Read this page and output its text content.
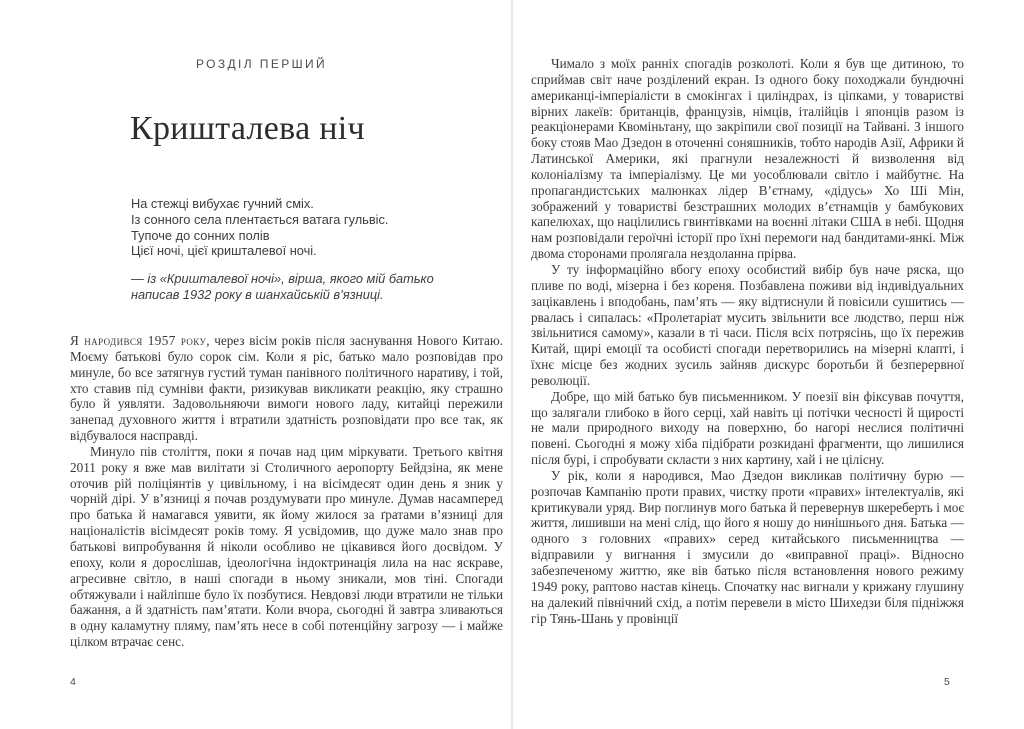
РОЗДІЛ ПЕРШИЙ
Кришталева ніч
На стежці вибухає гучний сміх.
Із сонного села плентається ватага гульвіс.
Тупоче до сонних полів
Цієї ночі, цієї кришталевої ночі.
— із «Кришталевої ночі», вірша, якого мій батько написав 1932 року в шанхайській в’язниці.

Я народився 1957 року, через вісім років після заснування Нового Китаю. Моєму батькові було сорок сім. Коли я ріс, батько мало розповідав про минуле, бо все затягнув густий туман панівного політичного наративу, і той, хто ставив під сумніви факти, ризикував викликати реакцію, яку страшно було й уявляти. Задовольняючи вимоги нового ладу, китайці пережили занепад духовного життя і втратили здатність розповідати про все так, як відбувалося насправді.

Минуло пів століття, поки я почав над цим міркувати. Третього квітня 2011 року я вже мав вилітати зі Столичного аеропорту Бейдзіна, як мене оточив рій поліціянтів у цивільному, і на вісімдесят один день я зник у чорній дірі. У в’язниці я почав роздумувати про минуле. Думав насамперед про батька й намагався уявити, як йому жилося за ґратами в’язниці для націоналістів вісімдесят років тому. Я усвідомив, що дуже мало знав про батькові випробування й ніколи особливо не цікавився його досвідом. У епоху, коли я дорослішав, ідеологічна індоктринація лила на нас яскраве, агресивне світло, в наші спогади в ньому зникали, мов тіні. Спогади обтяжували і найліпше було їх позбутися. Невдовзі люди втратили не тільки бажання, а й здатність пам’ятати. Коли вчора, сьогодні й завтра зливаються в одну каламутну пляму, пам’ять несе в собі потенційну загрозу — і майже цілком втрачає сенс.

4

Чимало з моїх ранніх спогадів розколоті. Коли я був ще дитиною, то сприймав світ наче розділений екран. Із одного боку походжали бундючні американці-імперіалісти в смокінгах і циліндрах, із ціпками, у товаристві вірних лакеїв: британців, французів, німців, італійців і японців разом із реакціонерами Квоміньтану, що закріпили свої позиції на Тайвані. З іншого боку стояв Мао Дзедон в оточенні соняшників, тобто народів Азії, Африки й Латинської Америки, які прагнули незалежності й визволення від колоніалізму та імперіалізму. Це ми уособлювали світло і майбутнє. На пропагандистських малюнках лідер В’єтнаму, «дідусь» Хо Ші Мін, зображений у товаристві безстрашних молодих в’єтнамців у бамбукових капелюхах, що націлились гвинтівками на воєнні літаки США в небі. Щодня нам розповідали героїчні історії про їхні перемоги над бандитами-янкі. Між двома сторонами пролягала нездоланна прірва.

У ту інформаційно вбогу епоху особистий вибір був наче ряска, що пливе по воді, мізерна і без кореня. Позбавлена поживи від індивідуальних зацікавлень і вподобань, пам’ять — яку відтиснули й повісили сушитись — рвалась і сипалась: «Пролетаріат мусить звільнити все людство, перш ніж звільнитися самому», казали в ті часи. Після всіх потрясінь, що їх пережив Китай, щирі емоції та особисті спогади перетворились на мізерні клапті, і їхнє місце без жодних зусиль зайняв дискурс боротьби й безперервної революції.

Добре, що мій батько був письменником. У поезії він фіксував почуття, що залягали глибоко в його серці, хай навіть ці потічки чесності й щирості не мали природного виходу на поверхню, бо нагорі неслися політичні повені. Сьогодні я можу хіба підібрати розкидані фрагменти, що лишилися після бурі, і спробувати скласти з них картину, хай і не цілісну.

У рік, коли я народився, Мао Дзедон викликав політичну бурю — розпочав Кампанію проти правих, чистку проти «правих» інтелектуалів, які критикували уряд. Вир поглинув мого батька й перевернув шкереберть і моє життя, лишивши на мені слід, що його я ношу до нинішнього дня. Батька — одного з головних «правих» серед китайського письменництва — відправили у вигнання і змусили до «виправної праці». Відносно забезпеченому життю, яке вів батько після встановлення нового режиму 1949 року, раптово настав кінець. Спочатку нас вигнали у крижану глушину на далекий північний схід, а потім перевели в місто Шихедзи біля підніжжя гір Тянь-Шань у провінції

5
